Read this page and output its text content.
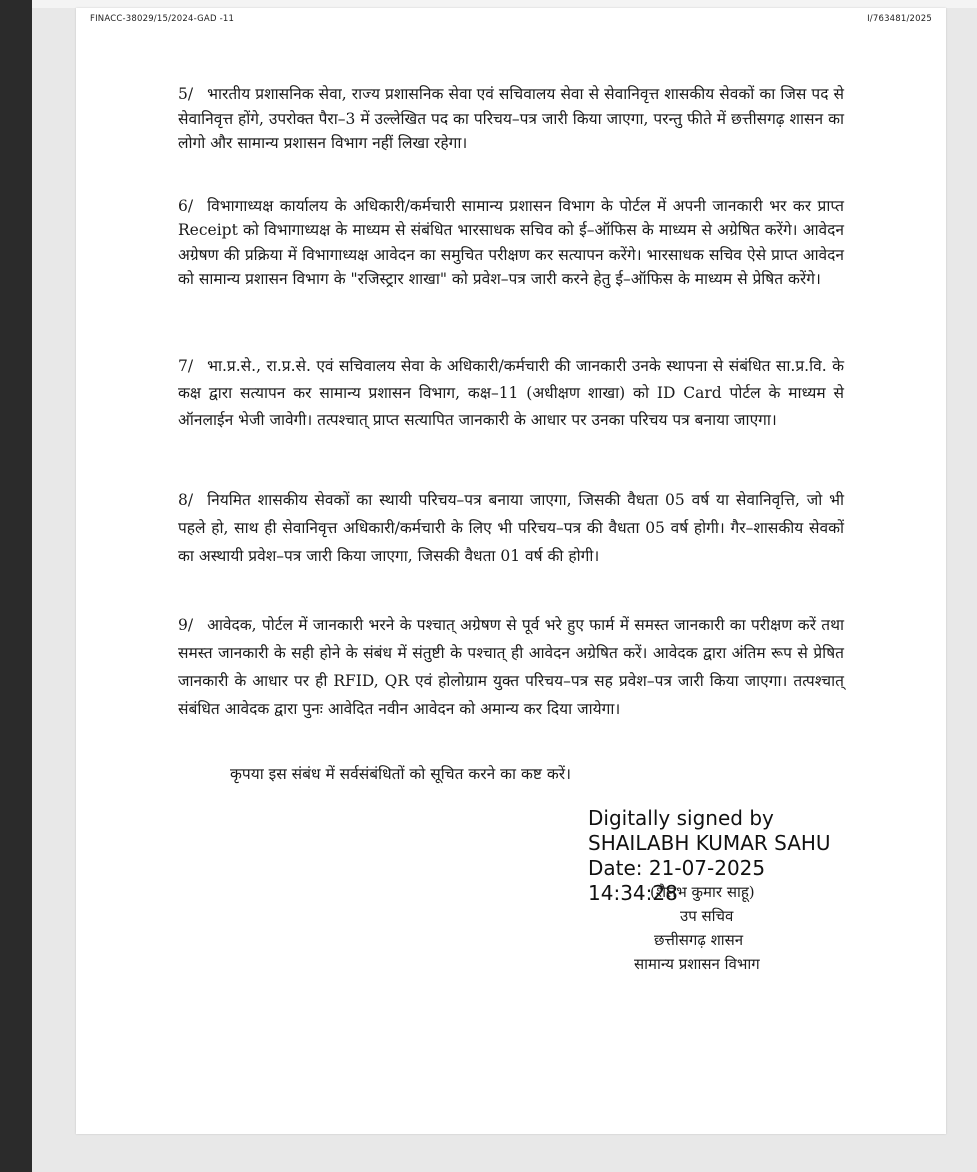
FINACC-38029/15/2024-GAD -11	I/763481/2025

5/ भारतीय प्रशासनिक सेवा, राज्य प्रशासनिक सेवा एवं सचिवालय सेवा से सेवानिवृत्त शासकीय सेवकों का जिस पद से सेवानिवृत्त होंगे, उपरोक्त पैरा–3 में उल्लेखित पद का परिचय–पत्र जारी किया जाएगा, परन्तु फीते में छत्तीसगढ़ शासन का लोगो और सामान्य प्रशासन विभाग नहीं लिखा रहेगा।

6/ विभागाध्यक्ष कार्यालय के अधिकारी/कर्मचारी सामान्य प्रशासन विभाग के पोर्टल में अपनी जानकारी भर कर प्राप्त Receipt को विभागाध्यक्ष के माध्यम से संबंधित भारसाधक सचिव को ई–ऑफिस के माध्यम से अग्रेषित करेंगे। आवेदन अग्रेषण की प्रक्रिया में विभागाध्यक्ष आवेदन का समुचित परीक्षण कर सत्यापन करेंगे। भारसाधक सचिव ऐसे प्राप्त आवेदन को सामान्य प्रशासन विभाग के "रजिस्ट्रार शाखा" को प्रवेश–पत्र जारी करने हेतु ई–ऑफिस के माध्यम से प्रेषित करेंगे।

7/ भा.प्र.से., रा.प्र.से. एवं सचिवालय सेवा के अधिकारी/कर्मचारी की जानकारी उनके स्थापना से संबंधित सा.प्र.वि. के कक्ष द्वारा सत्यापन कर सामान्य प्रशासन विभाग, कक्ष–11 (अधीक्षण शाखा) को ID Card पोर्टल के माध्यम से ऑनलाईन भेजी जावेगी। तत्पश्चात् प्राप्त सत्यापित जानकारी के आधार पर उनका परिचय पत्र बनाया जाएगा।

8/ नियमित शासकीय सेवकों का स्थायी परिचय–पत्र बनाया जाएगा, जिसकी वैधता 05 वर्ष या सेवानिवृत्ति, जो भी पहले हो, साथ ही सेवानिवृत्त अधिकारी/कर्मचारी के लिए भी परिचय–पत्र की वैधता 05 वर्ष होगी। गैर–शासकीय सेवकों का अस्थायी प्रवेश–पत्र जारी किया जाएगा, जिसकी वैधता 01 वर्ष की होगी।

9/ आवेदक, पोर्टल में जानकारी भरने के पश्चात् अग्रेषण से पूर्व भरे हुए फार्म में समस्त जानकारी का परीक्षण करें तथा समस्त जानकारी के सही होने के संबंध में संतुष्टी के पश्चात् ही आवेदन अग्रेषित करें। आवेदक द्वारा अंतिम रूप से प्रेषित जानकारी के आधार पर ही RFID, QR एवं होलोग्राम युक्त परिचय–पत्र सह प्रवेश–पत्र जारी किया जाएगा। तत्पश्चात् संबंधित आवेदक द्वारा पुनः आवेदित नवीन आवेदन को अमान्य कर दिया जायेगा।

कृपया इस संबंध में सर्वसंबंधितों को सूचित करने का कष्ट करें।

Digitally signed by
SHAILABH KUMAR SAHU
Date: 21-07-2025
14:34:28
(शैलभ कुमार साहू)
उप सचिव
छत्तीसगढ़ शासन
सामान्य प्रशासन विभाग
